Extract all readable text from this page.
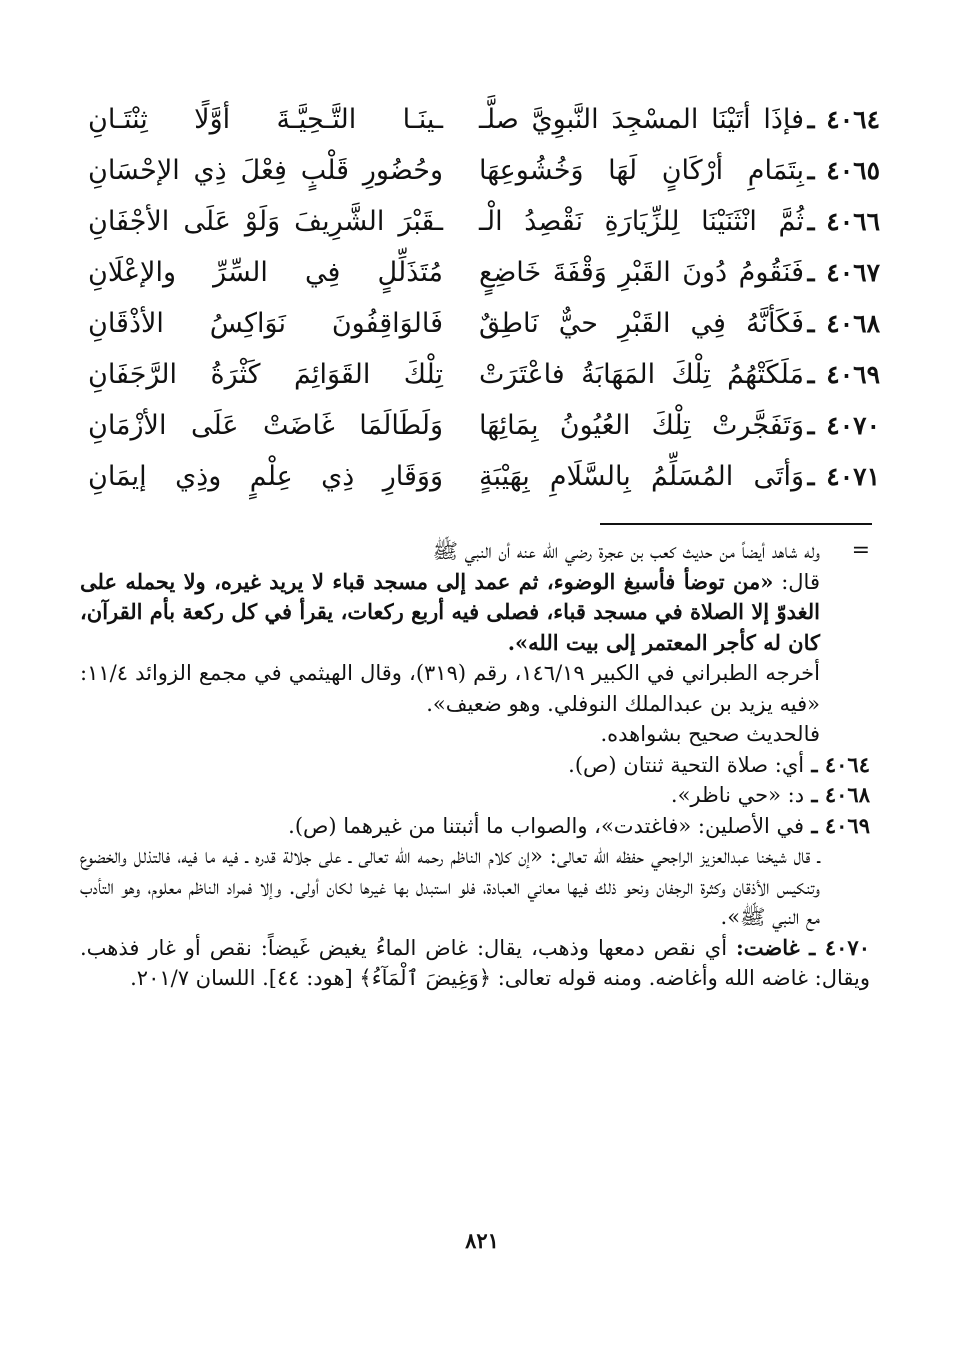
٤٠٦٤
ـ
فإذَا أتَيْنَا المسْجِدَ النَّبوِيَّ صلَّـ
ـينَـا التَّـحِيَّـةَ أوَّلًا ثِنْتَـانِ
٤٠٦٥
ـ
بِتَمَامِ أرْكَانٍ لَهَا وَخُشُوعِهَا
وحُضُورِ قَلْبٍ فِعْلَ ذِي الإحْسَانِ
٤٠٦٦
ـ
ثُمَّ انْثَنَيْنَا لِلزِّيَارَةِ نَقْصِدُ الْـ
ـقَبْرَ الشَّرِيفَ وَلَوْ عَلَى الأجْفَانِ
٤٠٦٧
ـ
فَنَقُومُ دُونَ القَبْرِ وَقْفَةَ خَاضِعٍ
مُتَذَلِّلٍ فِي السِّرِّ والإعْلَانِ
٤٠٦٨
ـ
فَكَأنَّهُ فِي القَبْرِ حيٌّ نَاطِقٌ
فَالوَاقِفُونَ نَوَاكِسُ الأذْقَانِ
٤٠٦٩
ـ
مَلَكَتْهُمُ تِلْكَ المَهَابَةُ فاعْتَرَتْ
تِلْكَ القَوَائِمَ كَثْرَةُ الرَّجَفَانِ
٤٠٧٠
ـ
وَتَفَجَّرتْ تِلْكَ العُيُونُ بِمَائِهَا
وَلَطَالَمَا غَاضَتْ عَلَى الأزْمَانِ
٤٠٧١
ـ
وَأتَى المُسَلِّمُ بِالسَّلَامِ بِهَيْبَةٍ
وَوَقَارِ ذِي عِلْمٍ وذِي إيمَانِ
=
وله شاهد أيضاً من حديث كعب بن عجرة رضي الله عنه أن النبي ﷺ
قال: «من توضأ فأسبغ الوضوء، ثم عمد إلى مسجد قباء لا يريد غيره، ولا يحمله على الغدوّ إلا الصلاة في مسجد قباء، فصلى فيه أربع ركعات، يقرأ في كل ركعة بأم القرآن، كان له كأجر المعتمر إلى بيت الله».
أخرجه الطبراني في الكبير ١٤٦/١٩، رقم (٣١٩)، وقال الهيثمي في مجمع الزوائد ١١/٤: «فيه يزيد بن عبدالملك النوفلي. وهو ضعيف».
فالحديث صحيح بشواهده.
٤٠٦٤ ـ أي: صلاة التحية ثنتان (ص).
٤٠٦٨ ـ د: «حي ناظر».
٤٠٦٩ ـ في الأصلين: «فاغتدت»، والصواب ما أثبتنا من غيرهما (ص).
ـ قال شيخنا عبدالعزيز الراجحي حفظه الله تعالى: «إن كلام الناظم رحمه الله تعالى ـ على جلالة قدره ـ فيه ما فيه، فالتذلل والخضوع وتنكيس الأذقان وكثرة الرجفان ونحو ذلك فيها معاني العبادة، فلو استبدل بها غيرها لكان أولى. وإلا فمراد الناظم معلوم، وهو التأدب مع النبي ﷺ».
٤٠٧٠ ـ غاضت: أي نقص دمعها وذهب، يقال: غاض الماءُ يغيض غَيضاً: نقص أو غار فذهب. ويقال: غاضه الله وأغاضه. ومنه قوله تعالى: ﴿وَغِيضَ ٱلْمَآءُ﴾ [هود: ٤٤]. اللسان ٢٠١/٧.
٨٢١
